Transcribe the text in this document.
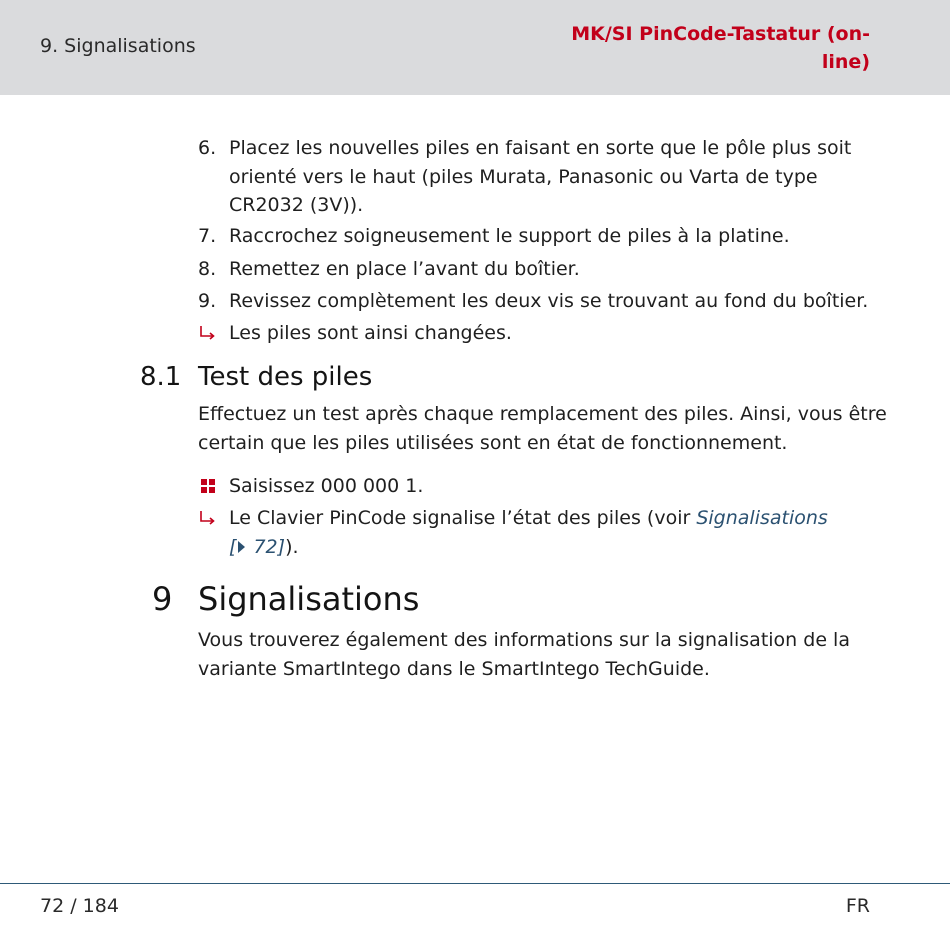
9. Signalisations
MK/SI PinCode-Tastatur (on-
line)
6. Placez les nouvelles piles en faisant en sorte que le pôle plus soit orienté vers le haut (piles Murata, Panasonic ou Varta de type CR2032 (3V)).
7. Raccrochez soigneusement le support de piles à la platine.
8. Remettez en place l’avant du boîtier.
9. Revissez complètement les deux vis se trouvant au fond du boîtier.
Les piles sont ainsi changées.
8.1 Test des piles
Effectuez un test après chaque remplacement des piles. Ainsi, vous être certain que les piles utilisées sont en état de fonctionnement.
Saisissez 000 000 1.
Le Clavier PinCode signalise l’état des piles (voir Signalisations
[ 72]).
9 Signalisations
Vous trouverez également des informations sur la signalisation de la variante SmartIntego dans le SmartIntego TechGuide.
72 / 184	FR
